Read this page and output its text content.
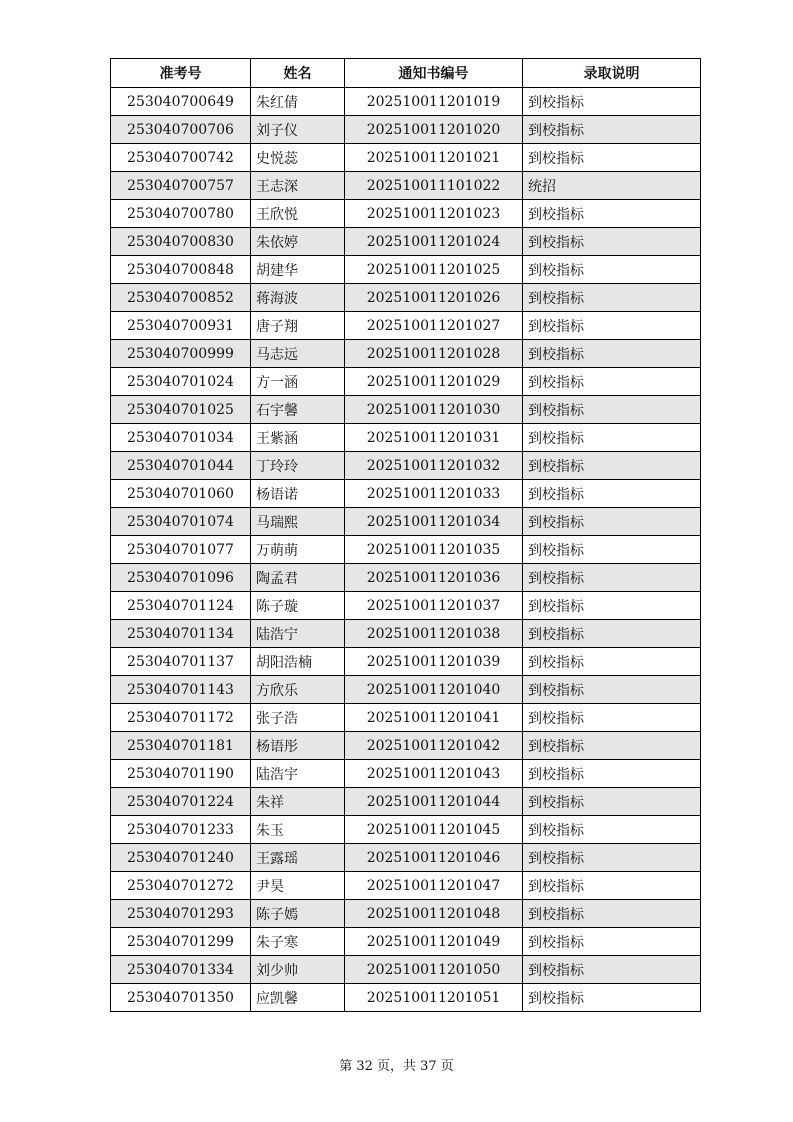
准考号	姓名	通知书编号	录取说明
253040700649	朱红倩	202510011201019	到校指标
253040700706	刘子仪	202510011201020	到校指标
253040700742	史悦蕊	202510011201021	到校指标
253040700757	王志深	202510011101022	统招
253040700780	王欣悦	202510011201023	到校指标
253040700830	朱依婷	202510011201024	到校指标
253040700848	胡建华	202510011201025	到校指标
253040700852	蒋海波	202510011201026	到校指标
253040700931	唐子翔	202510011201027	到校指标
253040700999	马志远	202510011201028	到校指标
253040701024	方一涵	202510011201029	到校指标
253040701025	石宇馨	202510011201030	到校指标
253040701034	王紫涵	202510011201031	到校指标
253040701044	丁玲玲	202510011201032	到校指标
253040701060	杨语诺	202510011201033	到校指标
253040701074	马瑞熙	202510011201034	到校指标
253040701077	万萌萌	202510011201035	到校指标
253040701096	陶孟君	202510011201036	到校指标
253040701124	陈子璇	202510011201037	到校指标
253040701134	陆浩宁	202510011201038	到校指标
253040701137	胡阳浩楠	202510011201039	到校指标
253040701143	方欣乐	202510011201040	到校指标
253040701172	张子浩	202510011201041	到校指标
253040701181	杨语彤	202510011201042	到校指标
253040701190	陆浩宇	202510011201043	到校指标
253040701224	朱祥	202510011201044	到校指标
253040701233	朱玉	202510011201045	到校指标
253040701240	王露瑶	202510011201046	到校指标
253040701272	尹昊	202510011201047	到校指标
253040701293	陈子嫣	202510011201048	到校指标
253040701299	朱子寒	202510011201049	到校指标
253040701334	刘少帅	202510011201050	到校指标
253040701350	应凯馨	202510011201051	到校指标
第 32 页，共 37 页
